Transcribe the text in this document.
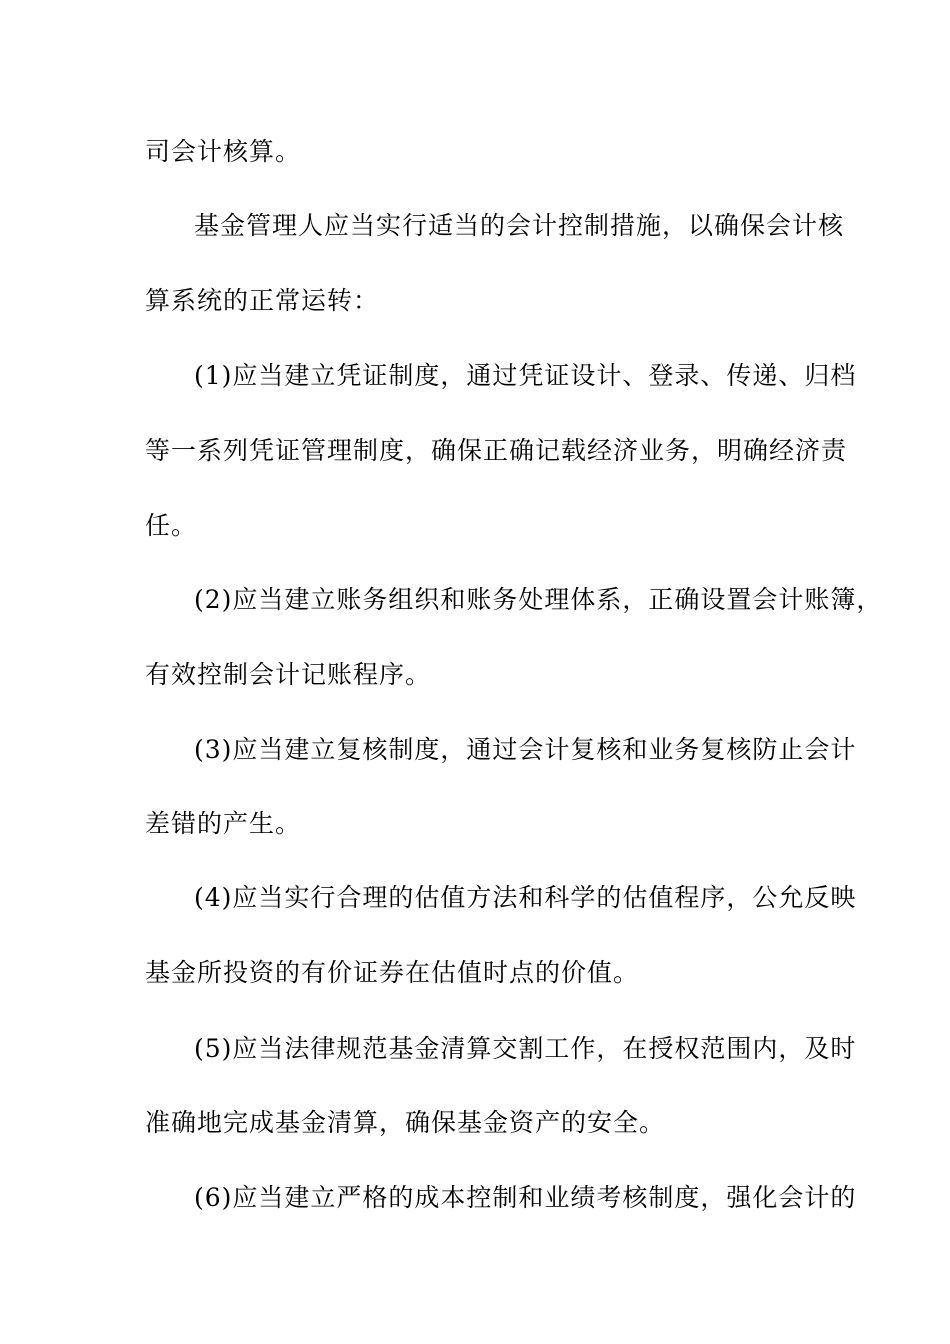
司会计核算。
基金管理人应当实行适当的会计控制措施，以确保会计核
算系统的正常运转：
(1)应当建立凭证制度，通过凭证设计、登录、传递、归档
等一系列凭证管理制度，确保正确记载经济业务，明确经济责
任。
(2)应当建立账务组织和账务处理体系，正确设置会计账簿，
有效控制会计记账程序。
(3)应当建立复核制度，通过会计复核和业务复核防止会计
差错的产生。
(4)应当实行合理的估值方法和科学的估值程序，公允反映
基金所投资的有价证券在估值时点的价值。
(5)应当法律规范基金清算交割工作，在授权范围内，及时
准确地完成基金清算，确保基金资产的安全。
(6)应当建立严格的成本控制和业绩考核制度，强化会计的
